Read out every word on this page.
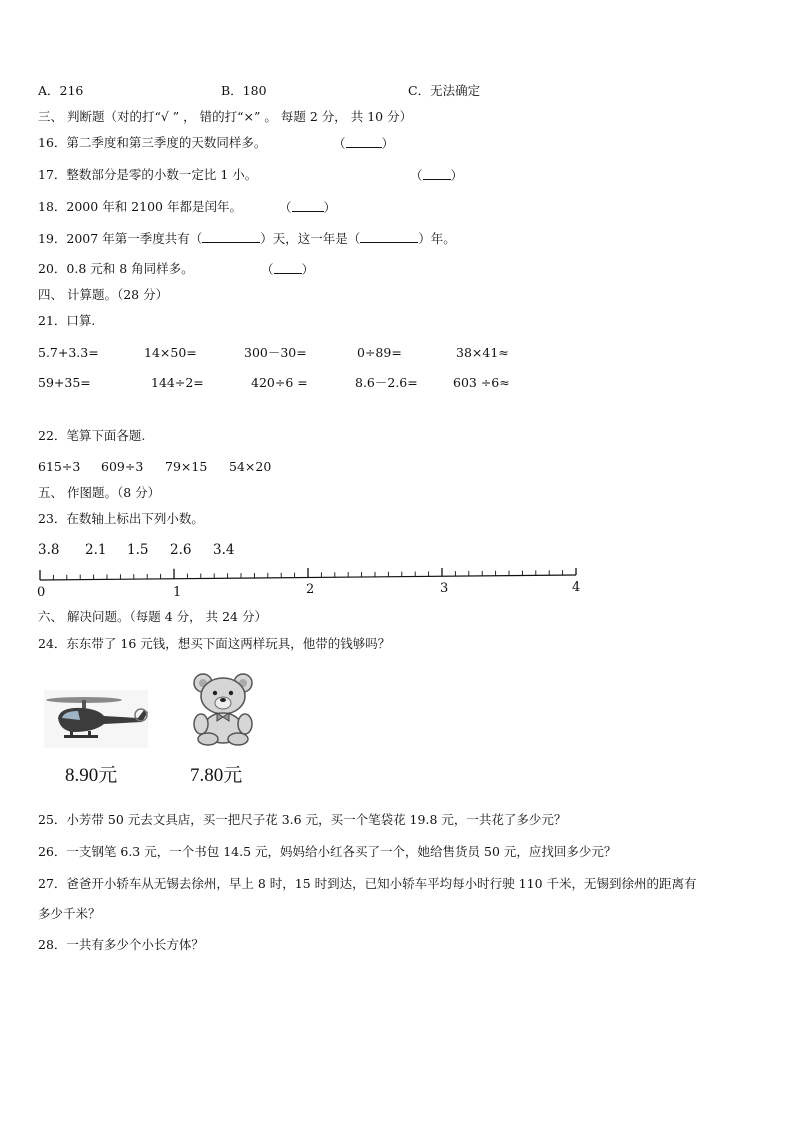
A．216	B．180	C．无法确定
三、 判断题（对的打“√ ” ， 错的打“×” 。 每题 2 分， 共 10 分）
16．第二季度和第三季度的天数同样多。	（	）
17．整数部分是零的小数一定比 1 小。	（ ）
18．2000 年和 2100 年都是闰年。	（	）
19．2007 年第一季度共有（	）天，这一年是（	）年。
20．0.8 元和 8 角同样多。	（ ）
四、 计算题。（28 分）
21．口算.
5.7+3.3=	14×50=	300－30=	0÷89=	38×41≈
59+35=	144÷2=	420÷6 =	8.6－2.6=	603 ÷6≈
22．笔算下面各题.
615÷3 609÷3 79×15 54×20
五、 作图题。（8 分）
23．在数轴上标出下列小数。
3.8 2.1 1.5 2.6 3.4
0	1	2	3	4
六、 解决问题。（每题 4 分， 共 24 分）
24．东东带了 16 元钱，想买下面这两样玩具，他带的钱够吗？
8.90元	7.80元
25．小芳带 50 元去文具店，买一把尺子花 3.6 元，买一个笔袋花 19.8 元，一共花了多少元？
26．一支钢笔 6.3 元，一个书包 14.5 元，妈妈给小红各买了一个，她给售货员 50 元，应找回多少元？
27．爸爸开小轿车从无锡去徐州，早上 8 时，15 时到达，已知小轿车平均每小时行驶 110 千米，无锡到徐州的距离有
多少千米？
28．一共有多少个小长方体？
